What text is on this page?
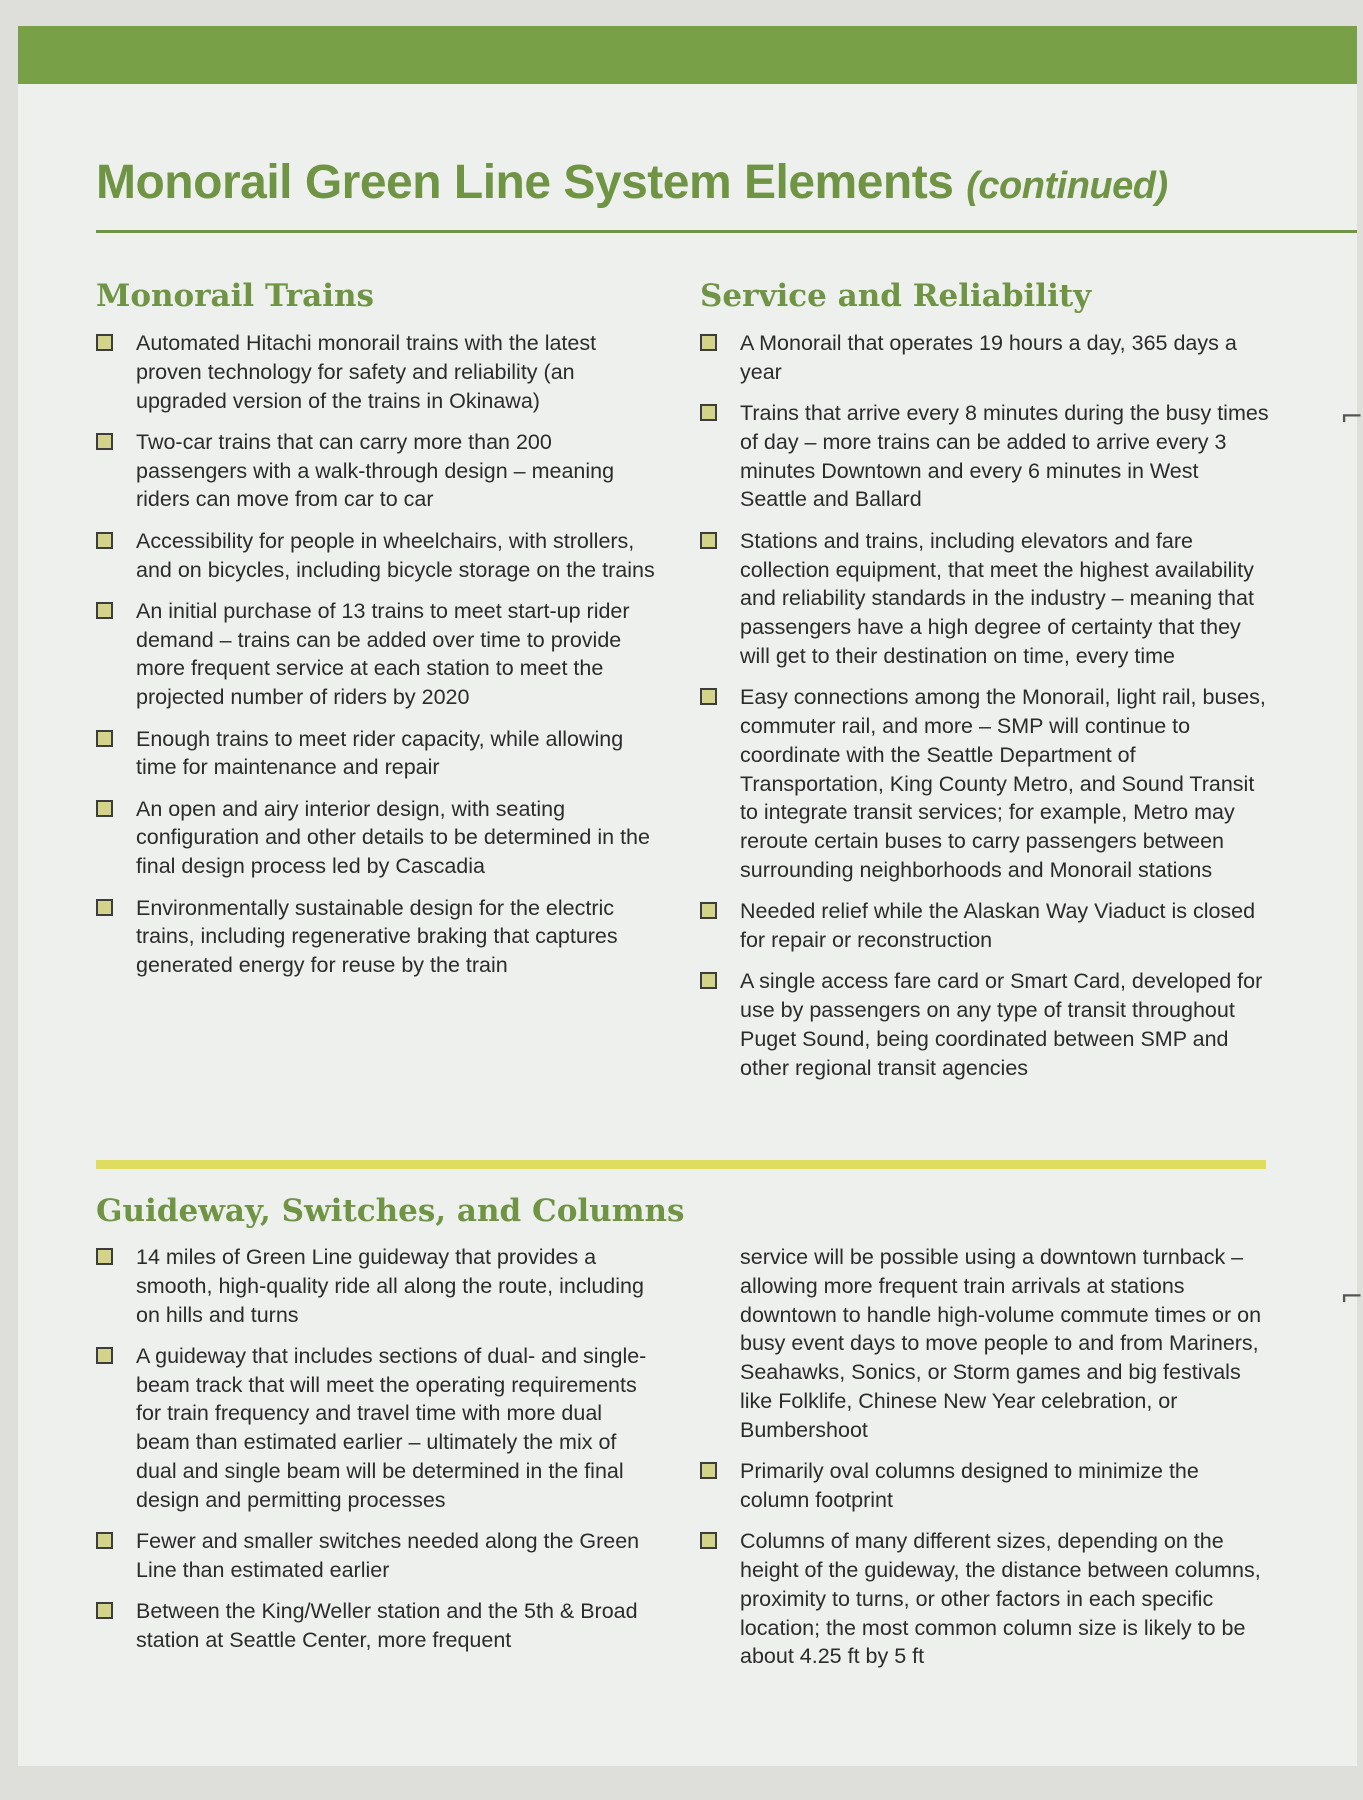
Monorail Green Line System Elements (continued)
Monorail Trains
Automated Hitachi monorail trains with the latest proven technology for safety and reliability (an upgraded version of the trains in Okinawa)
Two-car trains that can carry more than 200 passengers with a walk-through design – meaning riders can move from car to car
Accessibility for people in wheelchairs, with strollers, and on bicycles, including bicycle storage on the trains
An initial purchase of 13 trains to meet start-up rider demand – trains can be added over time to provide more frequent service at each station to meet the projected number of riders by 2020
Enough trains to meet rider capacity, while allowing time for maintenance and repair
An open and airy interior design, with seating configuration and other details to be determined in the final design process led by Cascadia
Environmentally sustainable design for the electric trains, including regenerative braking that captures generated energy for reuse by the train
Service and Reliability
A Monorail that operates 19 hours a day, 365 days a year
Trains that arrive every 8 minutes during the busy times of day – more trains can be added to arrive every 3 minutes Downtown and every 6 minutes in West Seattle and Ballard
Stations and trains, including elevators and fare collection equipment, that meet the highest availability and reliability standards in the industry – meaning that passengers have a high degree of certainty that they will get to their destination on time, every time
Easy connections among the Monorail, light rail, buses, commuter rail, and more – SMP will continue to coordinate with the Seattle Department of Transportation, King County Metro, and Sound Transit to integrate transit services; for example, Metro may reroute certain buses to carry passengers between surrounding neighborhoods and Monorail stations
Needed relief while the Alaskan Way Viaduct is closed for repair or reconstruction
A single access fare card or Smart Card, developed for use by passengers on any type of transit throughout Puget Sound, being coordinated between SMP and other regional transit agencies
Guideway, Switches, and Columns
14 miles of Green Line guideway that provides a smooth, high-quality ride all along the route, including on hills and turns
A guideway that includes sections of dual- and single-beam track that will meet the operating requirements for train frequency and travel time with more dual beam than estimated earlier – ultimately the mix of dual and single beam will be determined in the final design and permitting processes
Fewer and smaller switches needed along the Green Line than estimated earlier
Between the King/Weller station and the 5th & Broad station at Seattle Center, more frequent
service will be possible using a downtown turnback – allowing more frequent train arrivals at stations downtown to handle high-volume commute times or on busy event days to move people to and from Mariners, Seahawks, Sonics, or Storm games and big festivals like Folklife, Chinese New Year celebration, or Bumbershoot
Primarily oval columns designed to minimize the column footprint
Columns of many different sizes, depending on the height of the guideway, the distance between columns, proximity to turns, or other factors in each specific location; the most common column size is likely to be about 4.25 ft by 5 ft
⌐
⌐
